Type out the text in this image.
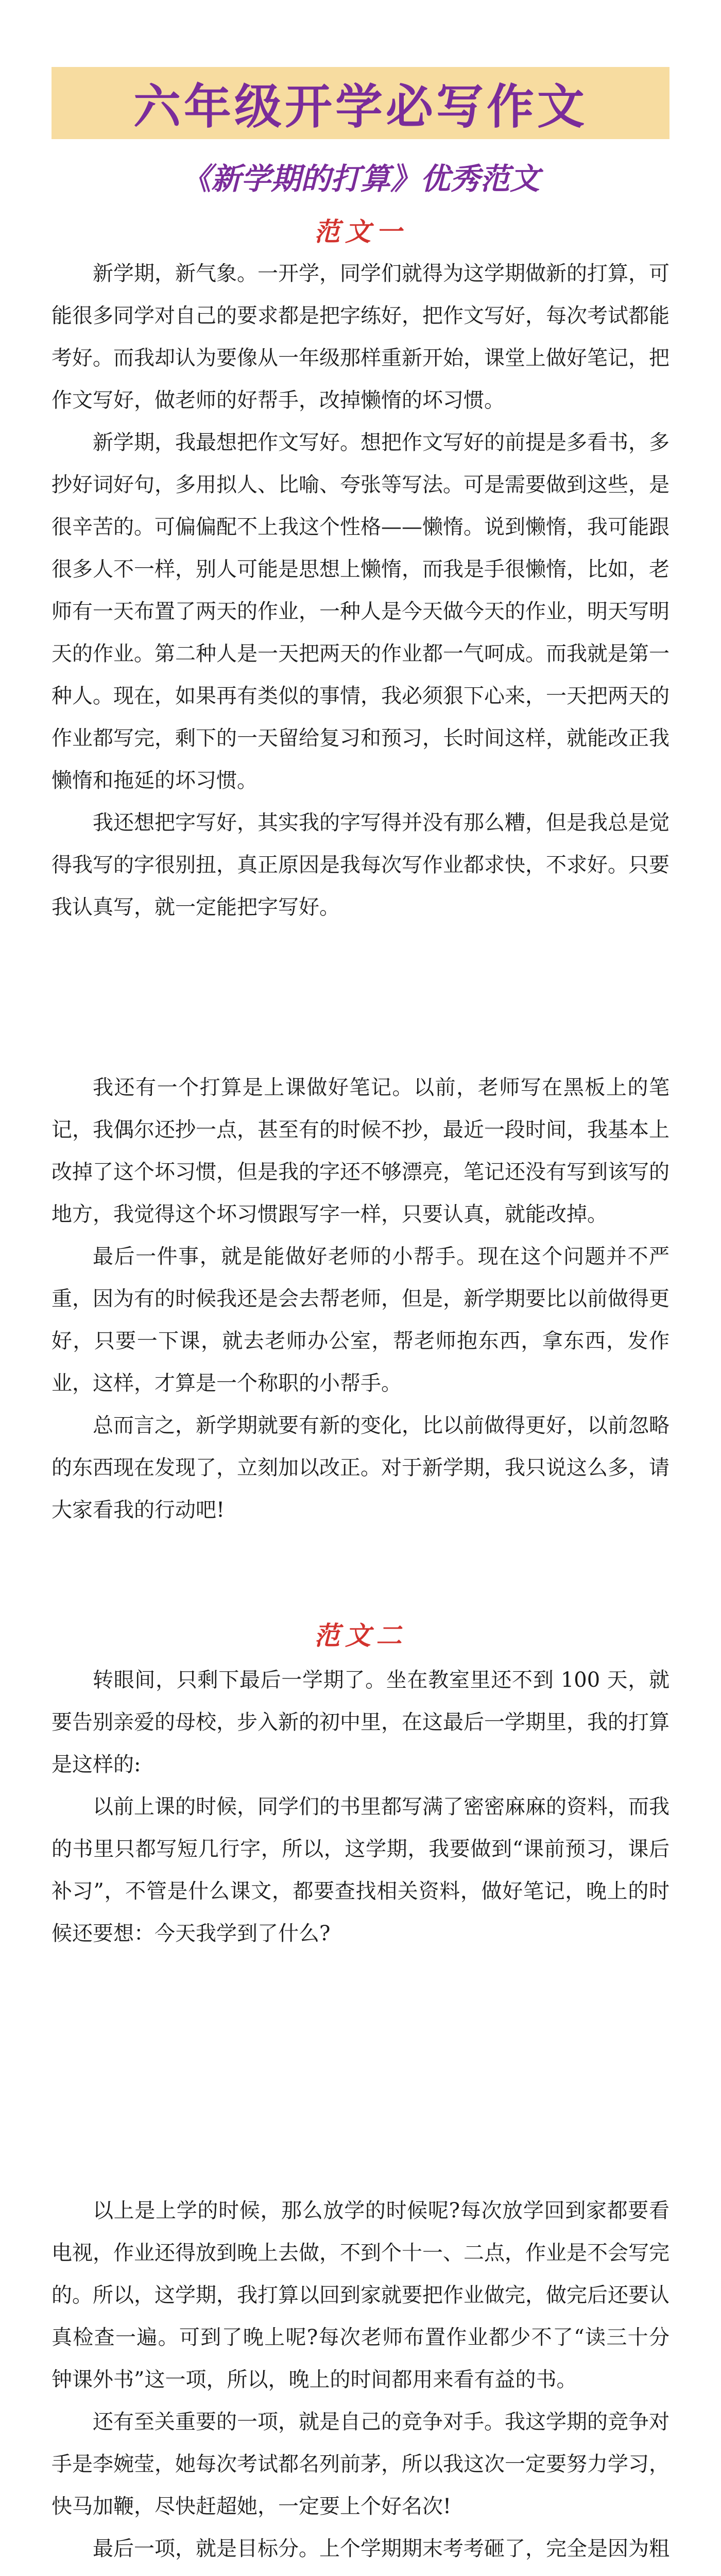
六年级开学必写作文
《新学期的打算》优秀范文
范文一

新学期，新气象。一开学，同学们就得为这学期做新的打算，可能很多同学对自己的要求都是把字练好，把作文写好，每次考试都能考好。而我却认为要像从一年级那样重新开始，课堂上做好笔记，把作文写好，做老师的好帮手，改掉懒惰的坏习惯。

新学期，我最想把作文写好。想把作文写好的前提是多看书，多抄好词好句，多用拟人、比喻、夸张等写法。可是需要做到这些，是很辛苦的。可偏偏配不上我这个性格——懒惰。说到懒惰，我可能跟很多人不一样，别人可能是思想上懒惰，而我是手很懒惰，比如，老师有一天布置了两天的作业，一种人是今天做今天的作业，明天写明天的作业。第二种人是一天把两天的作业都一气呵成。而我就是第一种人。现在，如果再有类似的事情，我必须狠下心来，一天把两天的作业都写完，剩下的一天留给复习和预习，长时间这样，就能改正我懒惰和拖延的坏习惯。

我还想把字写好，其实我的字写得并没有那么糟，但是我总是觉得我写的字很别扭，真正原因是我每次写作业都求快，不求好。只要我认真写，就一定能把字写好。

我还有一个打算是上课做好笔记。以前，老师写在黑板上的笔记，我偶尔还抄一点，甚至有的时候不抄，最近一段时间，我基本上改掉了这个坏习惯，但是我的字还不够漂亮，笔记还没有写到该写的地方，我觉得这个坏习惯跟写字一样，只要认真，就能改掉。

最后一件事，就是能做好老师的小帮手。现在这个问题并不严重，因为有的时候我还是会去帮老师，但是，新学期要比以前做得更好，只要一下课，就去老师办公室，帮老师抱东西，拿东西，发作业，这样，才算是一个称职的小帮手。

总而言之，新学期就要有新的变化，比以前做得更好，以前忽略的东西现在发现了，立刻加以改正。对于新学期，我只说这么多，请大家看我的行动吧!

范文二

转眼间，只剩下最后一学期了。坐在教室里还不到 100 天，就要告别亲爱的母校，步入新的初中里，在这最后一学期里，我的打算是这样的:

以前上课的时候，同学们的书里都写满了密密麻麻的资料，而我的书里只都写短几行字，所以，这学期，我要做到“课前预习，课后补习”，不管是什么课文，都要查找相关资料，做好笔记，晚上的时候还要想：今天我学到了什么?

以上是上学的时候，那么放学的时候呢?每次放学回到家都要看电视，作业还得放到晚上去做，不到个十一、二点，作业是不会写完的。所以，这学期，我打算以回到家就要把作业做完，做完后还要认真检查一遍。可到了晚上呢?每次老师布置作业都少不了“读三十分钟课外书”这一项，所以，晚上的时间都用来看有益的书。

还有至关重要的一项，就是自己的竞争对手。我这学期的竞争对手是李婉莹，她每次考试都名列前茅，所以我这次一定要努力学习，快马加鞭，尽快赶超她，一定要上个好名次!

最后一项，就是目标分。上个学期期末考考砸了，完全是因为粗
